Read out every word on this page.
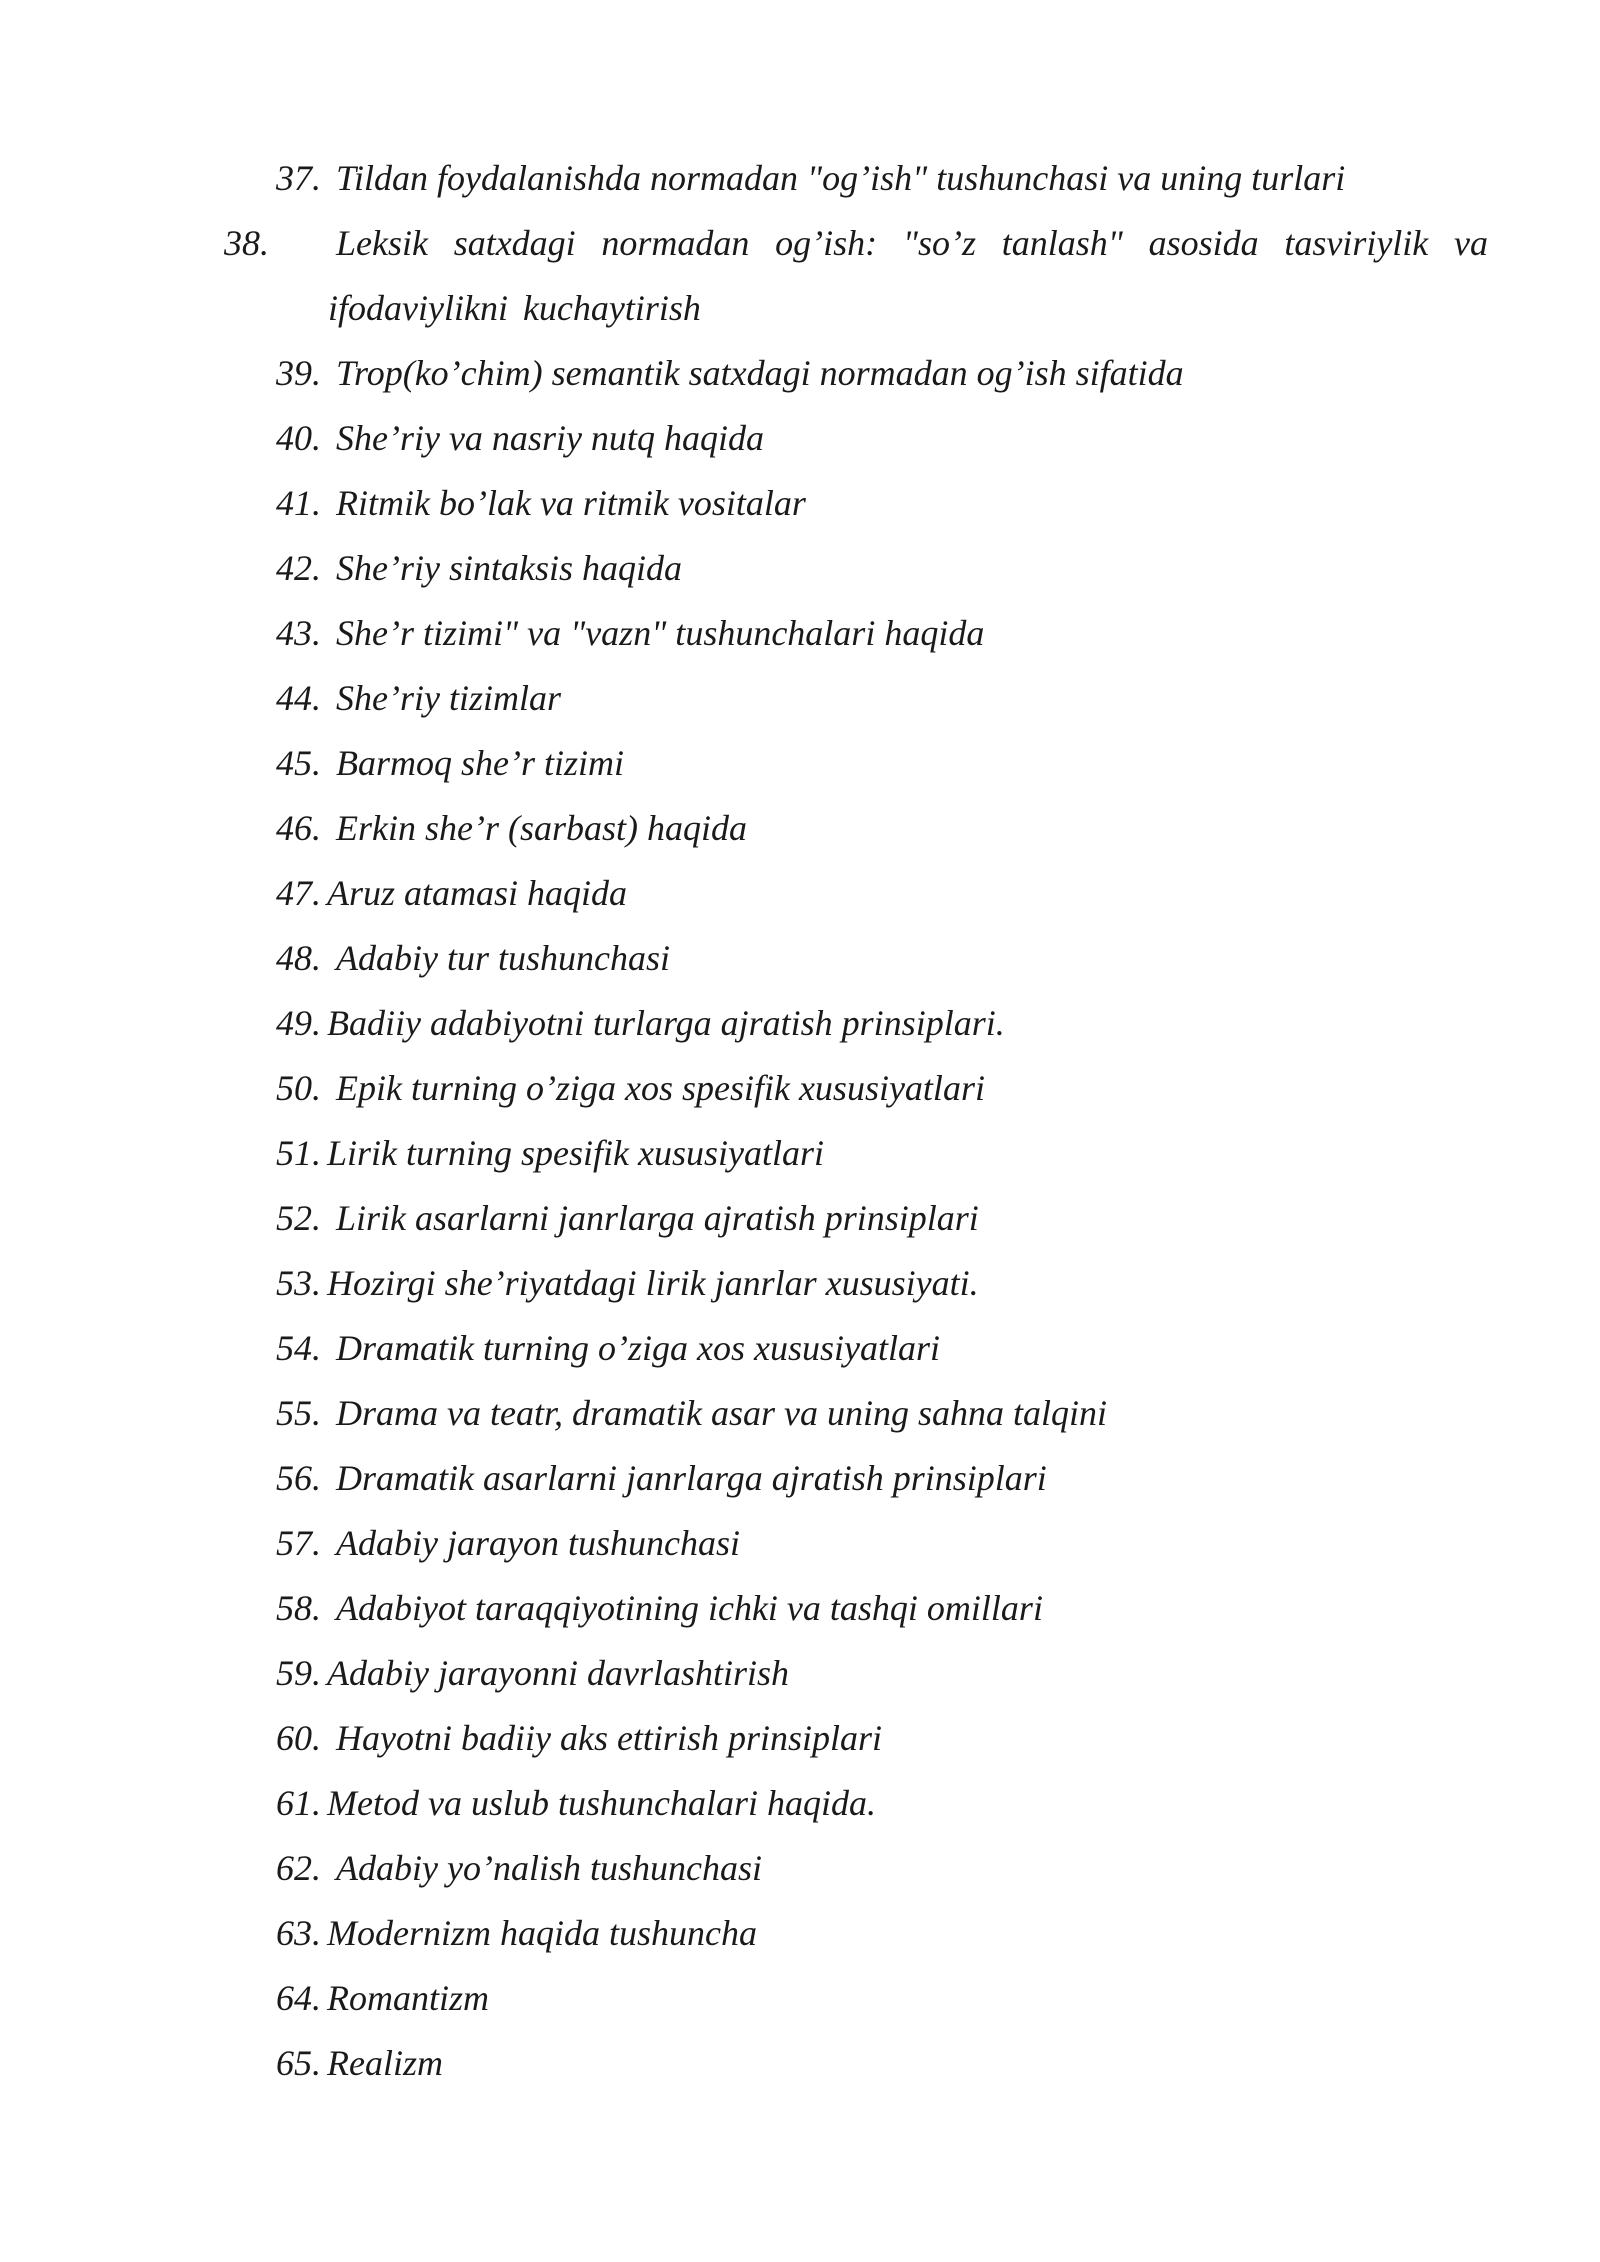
37. Tildan foydalanishda normadan "og’ish" tushunchasi va uning turlari
38. Leksik satxdagi normadan og’ish: "so’z tanlash" asosida tasviriylik va ifodaviylikni kuchaytirish
39. Trop(ko’chim) semantik satxdagi normadan og’ish sifatida
40. She’riy va nasriy nutq haqida
41. Ritmik bo’lak va ritmik vositalar
42. She’riy sintaksis haqida
43. She’r tizimi" va "vazn" tushunchalari haqida
44. She’riy tizimlar
45. Barmoq she’r tizimi
46. Erkin she’r (sarbast) haqida
47. Aruz atamasi haqida
48. Adabiy tur tushunchasi
49. Badiiy adabiyotni turlarga ajratish prinsiplari.
50. Epik turning o’ziga xos spesifik xususiyatlari
51. Lirik turning spesifik xususiyatlari
52. Lirik asarlarni janrlarga ajratish prinsiplari
53. Hozirgi she’riyatdagi lirik janrlar xususiyati.
54. Dramatik turning o’ziga xos xususiyatlari
55. Drama va teatr, dramatik asar va uning sahna talqini
56. Dramatik asarlarni janrlarga ajratish prinsiplari
57. Adabiy jarayon tushunchasi
58. Adabiyot taraqqiyotining ichki va tashqi omillari
59. Adabiy jarayonni davrlashtirish
60. Hayotni badiiy aks ettirish prinsiplari
61. Metod va uslub tushunchalari haqida.
62. Adabiy yo’nalish tushunchasi
63. Modernizm haqida tushuncha
64. Romantizm
65. Realizm
